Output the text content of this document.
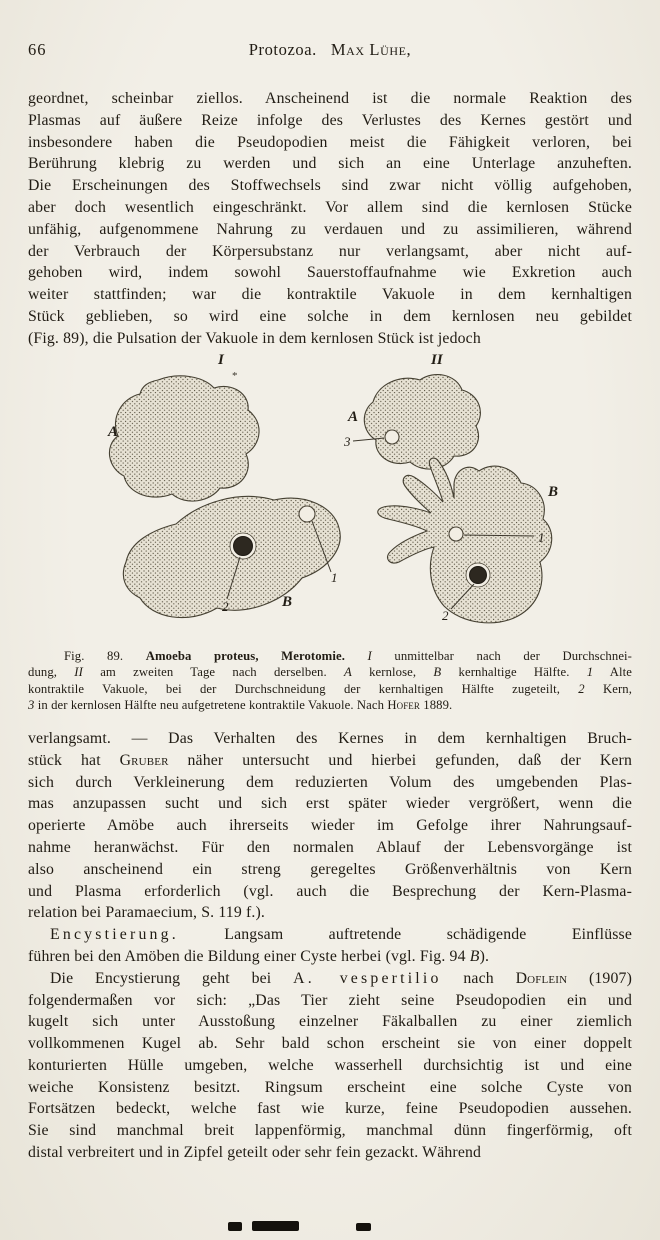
66	Protozoa. Max Lühe,
geordnet, scheinbar ziellos. Anscheinend ist die normale Reaktion des
Plasmas auf äußere Reize infolge des Verlustes des Kernes gestört und
insbesondere haben die Pseudopodien meist die Fähigkeit verloren, bei
Berührung klebrig zu werden und sich an eine Unterlage anzuheften.
Die Erscheinungen des Stoffwechsels sind zwar nicht völlig aufgehoben,
aber doch wesentlich eingeschränkt. Vor allem sind die kernlosen Stücke
unfähig, aufgenommene Nahrung zu verdauen und zu assimilieren, während
der Verbrauch der Körpersubstanz nur verlangsamt, aber nicht auf-
gehoben wird, indem sowohl Sauerstoffaufnahme wie Exkretion auch
weiter stattfinden; war die kontraktile Vakuole in dem kernhaltigen
Stück geblieben, so wird eine solche in dem kernlosen neu gebildet
(Fig. 89), die Pulsation der Vakuole in dem kernlosen Stück ist jedoch
*
I	II
A
1
2	B
3
A
1
2
B
Fig. 89. Amoeba proteus, Merotomie. I unmittelbar nach der Durchschnei-
dung, II am zweiten Tage nach derselben. A kernlose, B kernhaltige Hälfte. 1 Alte
kontraktile Vakuole, bei der Durchschneidung der kernhaltigen Hälfte zugeteilt, 2 Kern,
3 in der kernlosen Hälfte neu aufgetretene kontraktile Vakuole. Nach Hofer 1889.
verlangsamt. — Das Verhalten des Kernes in dem kernhaltigen Bruch-
stück hat Gruber näher untersucht und hierbei gefunden, daß der Kern
sich durch Verkleinerung dem reduzierten Volum des umgebenden Plas-
mas anzupassen sucht und sich erst später wieder vergrößert, wenn die
operierte Amöbe auch ihrerseits wieder im Gefolge ihrer Nahrungsauf-
nahme heranwächst. Für den normalen Ablauf der Lebensvorgänge ist
also anscheinend ein streng geregeltes Größenverhältnis von Kern
und Plasma erforderlich (vgl. auch die Besprechung der Kern-Plasma-
relation bei Paramaecium, S. 119 f.).
Encystierung. Langsam auftretende schädigende Einflüsse
führen bei den Amöben die Bildung einer Cyste herbei (vgl. Fig. 94 B).
Die Encystierung geht bei A. vespertilio nach Doflein (1907)
folgendermaßen vor sich: „Das Tier zieht seine Pseudopodien ein und
kugelt sich unter Ausstoßung einzelner Fäkalballen zu einer ziemlich
vollkommenen Kugel ab. Sehr bald schon erscheint sie von einer doppelt
konturierten Hülle umgeben, welche wasserhell durchsichtig ist und eine
weiche Konsistenz besitzt. Ringsum erscheint eine solche Cyste von
Fortsätzen bedeckt, welche fast wie kurze, feine Pseudopodien aussehen.
Sie sind manchmal breit lappenförmig, manchmal dünn fingerförmig, oft
distal verbreitert und in Zipfel geteilt oder sehr fein gezackt. Während
